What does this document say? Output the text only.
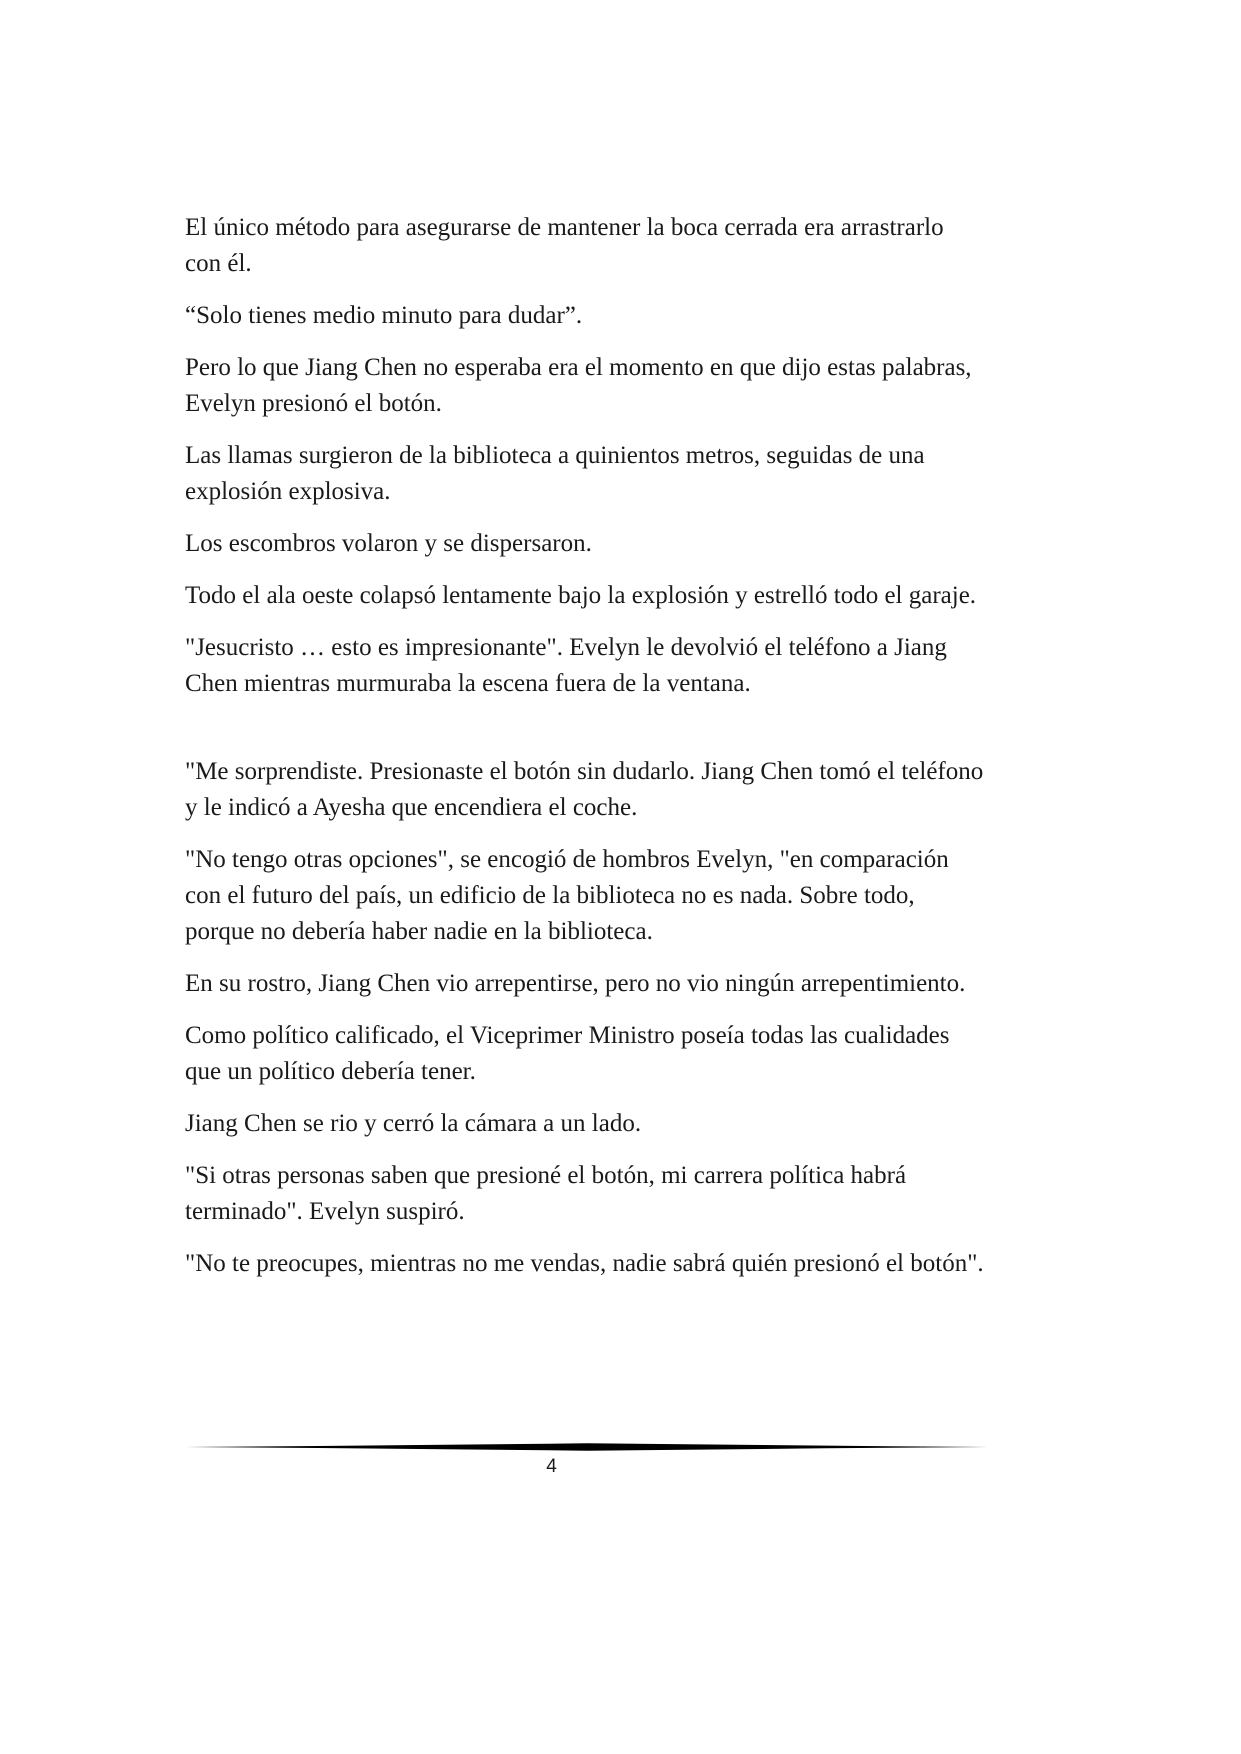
El único método para asegurarse de mantener la boca cerrada era arrastrarlo con él.

“Solo tienes medio minuto para dudar”.

Pero lo que Jiang Chen no esperaba era el momento en que dijo estas palabras, Evelyn presionó el botón.

Las llamas surgieron de la biblioteca a quinientos metros, seguidas de una explosión explosiva.

Los escombros volaron y se dispersaron.

Todo el ala oeste colapsó lentamente bajo la explosión y estrelló todo el garaje.

"Jesucristo … esto es impresionante". Evelyn le devolvió el teléfono a Jiang Chen mientras murmuraba la escena fuera de la ventana.

"Me sorprendiste. Presionaste el botón sin dudarlo. Jiang Chen tomó el teléfono y le indicó a Ayesha que encendiera el coche.

"No tengo otras opciones", se encogió de hombros Evelyn, "en comparación con el futuro del país, un edificio de la biblioteca no es nada. Sobre todo, porque no debería haber nadie en la biblioteca.

En su rostro, Jiang Chen vio arrepentirse, pero no vio ningún arrepentimiento.

Como político calificado, el Viceprimer Ministro poseía todas las cualidades que un político debería tener.

Jiang Chen se rio y cerró la cámara a un lado.

"Si otras personas saben que presioné el botón, mi carrera política habrá terminado". Evelyn suspiró.

"No te preocupes, mientras no me vendas, nadie sabrá quién presionó el botón".

4
